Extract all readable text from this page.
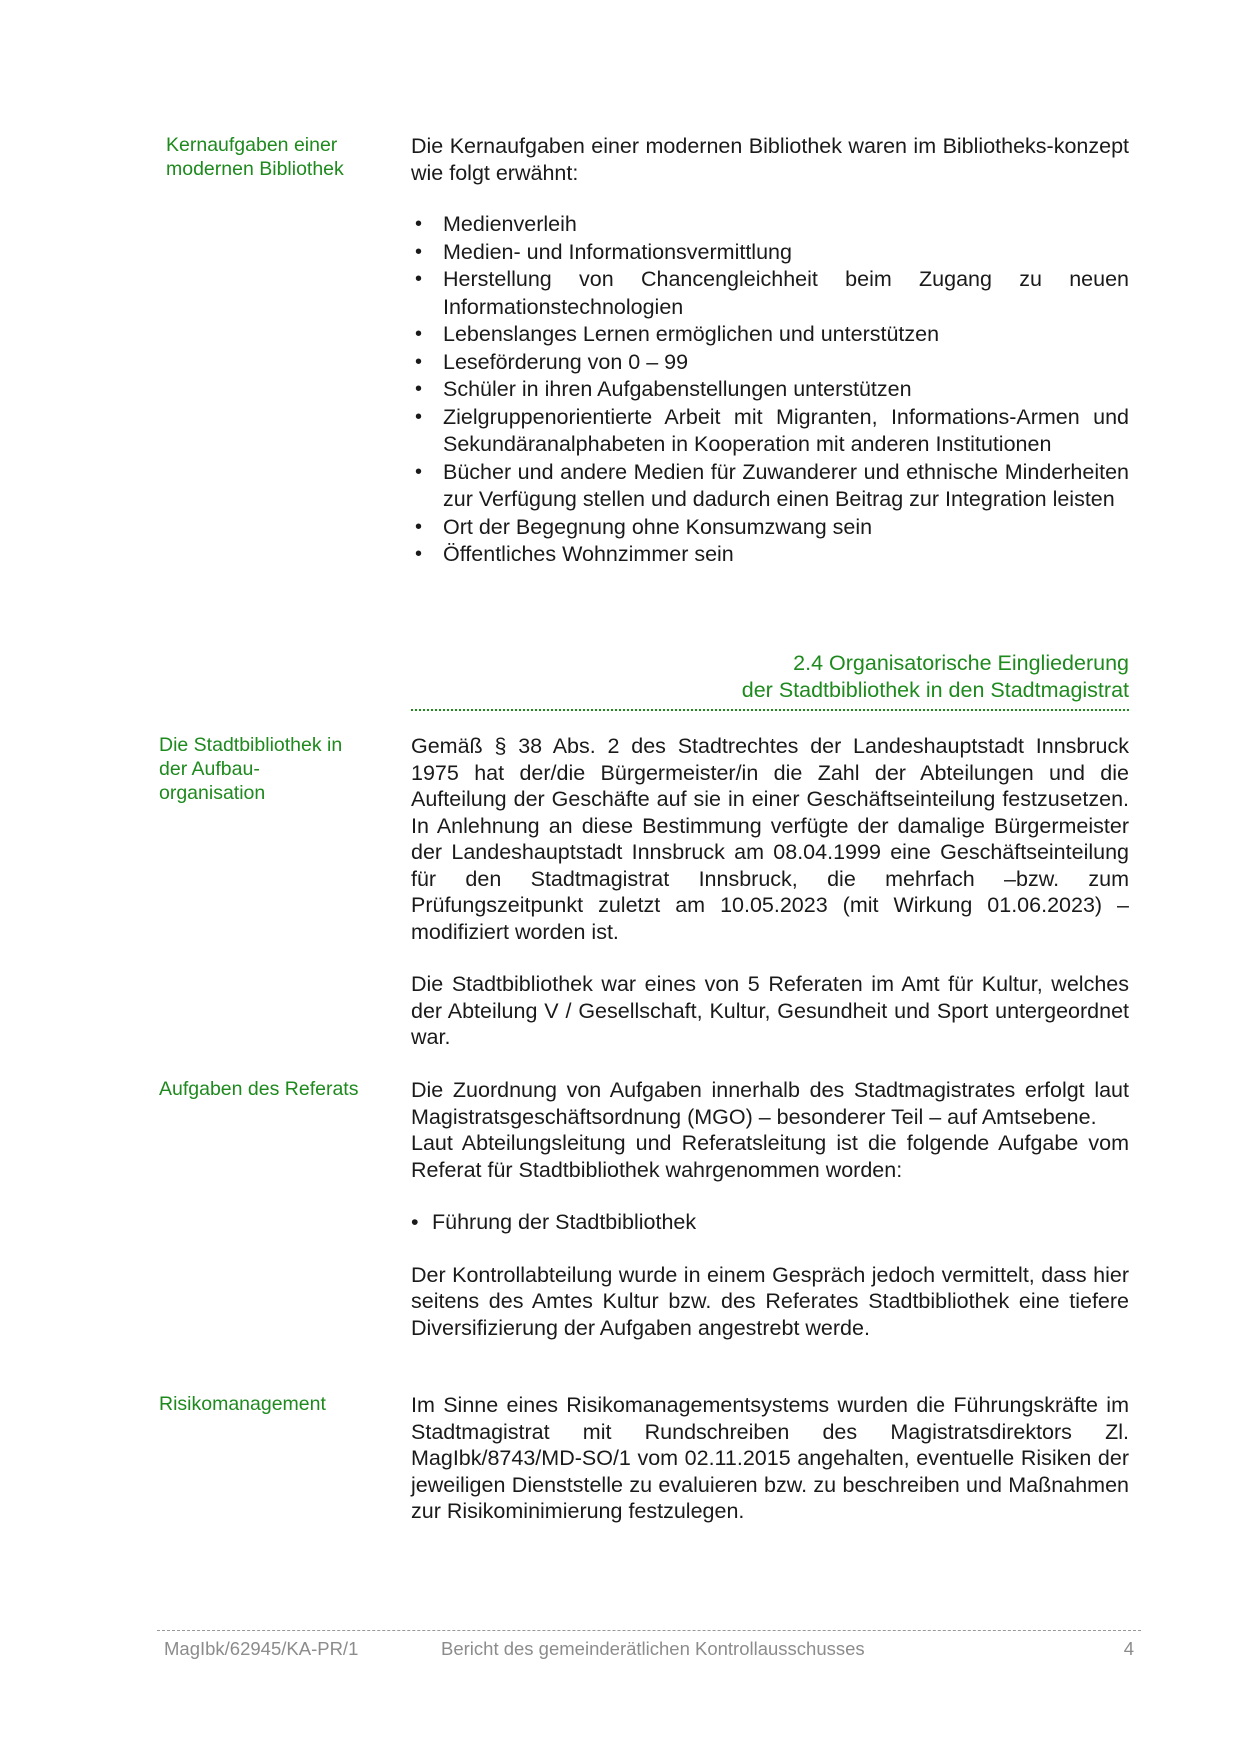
Kernaufgaben einer modernen Bibliothek
Die Stadtbibliothek in der Aufbau-organisation
Aufgaben des Referats
Risikomanagement

Die Kernaufgaben einer modernen Bibliothek waren im Bibliotheks-konzept wie folgt erwähnt:

• Medienverleih
• Medien- und Informationsvermittlung
• Herstellung von Chancengleichheit beim Zugang zu neuen Informationstechnologien
• Lebenslanges Lernen ermöglichen und unterstützen
• Leseförderung von 0 – 99
• Schüler in ihren Aufgabenstellungen unterstützen
• Zielgruppenorientierte Arbeit mit Migranten, Informations-Armen und Sekundäranalphabeten in Kooperation mit anderen Institutionen
• Bücher und andere Medien für Zuwanderer und ethnische Minderheiten zur Verfügung stellen und dadurch einen Beitrag zur Integration leisten
• Ort der Begegnung ohne Konsumzwang sein
• Öffentliches Wohnzimmer sein
2.4 Organisatorische Eingliederung
der Stadtbibliothek in den Stadtmagistrat

Gemäß § 38 Abs. 2 des Stadtrechtes der Landeshauptstadt Innsbruck 1975 hat der/die Bürgermeister/in die Zahl der Abteilungen und die Aufteilung der Geschäfte auf sie in einer Geschäftseinteilung festzusetzen. In Anlehnung an diese Bestimmung verfügte der damalige Bürgermeister der Landeshauptstadt Innsbruck am 08.04.1999 eine Geschäftseinteilung für den Stadtmagistrat Innsbruck, die mehrfach –bzw. zum Prüfungszeitpunkt zuletzt am 10.05.2023 (mit Wirkung 01.06.2023) – modifiziert worden ist.

Die Stadtbibliothek war eines von 5 Referaten im Amt für Kultur, welches der Abteilung V / Gesellschaft, Kultur, Gesundheit und Sport untergeordnet war.

Die Zuordnung von Aufgaben innerhalb des Stadtmagistrates erfolgt laut Magistratsgeschäftsordnung (MGO) – besonderer Teil – auf Amtsebene.

Laut Abteilungsleitung und Referatsleitung ist die folgende Aufgabe vom Referat für Stadtbibliothek wahrgenommen worden:

• Führung der Stadtbibliothek

Der Kontrollabteilung wurde in einem Gespräch jedoch vermittelt, dass hier seitens des Amtes Kultur bzw. des Referates Stadtbibliothek eine tiefere Diversifizierung der Aufgaben angestrebt werde.

Im Sinne eines Risikomanagementsystems wurden die Führungskräfte im Stadtmagistrat mit Rundschreiben des Magistratsdirektors Zl. MagIbk/8743/MD-SO/1 vom 02.11.2015 angehalten, eventuelle Risiken der jeweiligen Dienststelle zu evaluieren bzw. zu beschreiben und Maßnahmen zur Risikominimierung festzulegen.

MagIbk/62945/KA-PR/1	Bericht des gemeinderätlichen Kontrollausschusses	4
